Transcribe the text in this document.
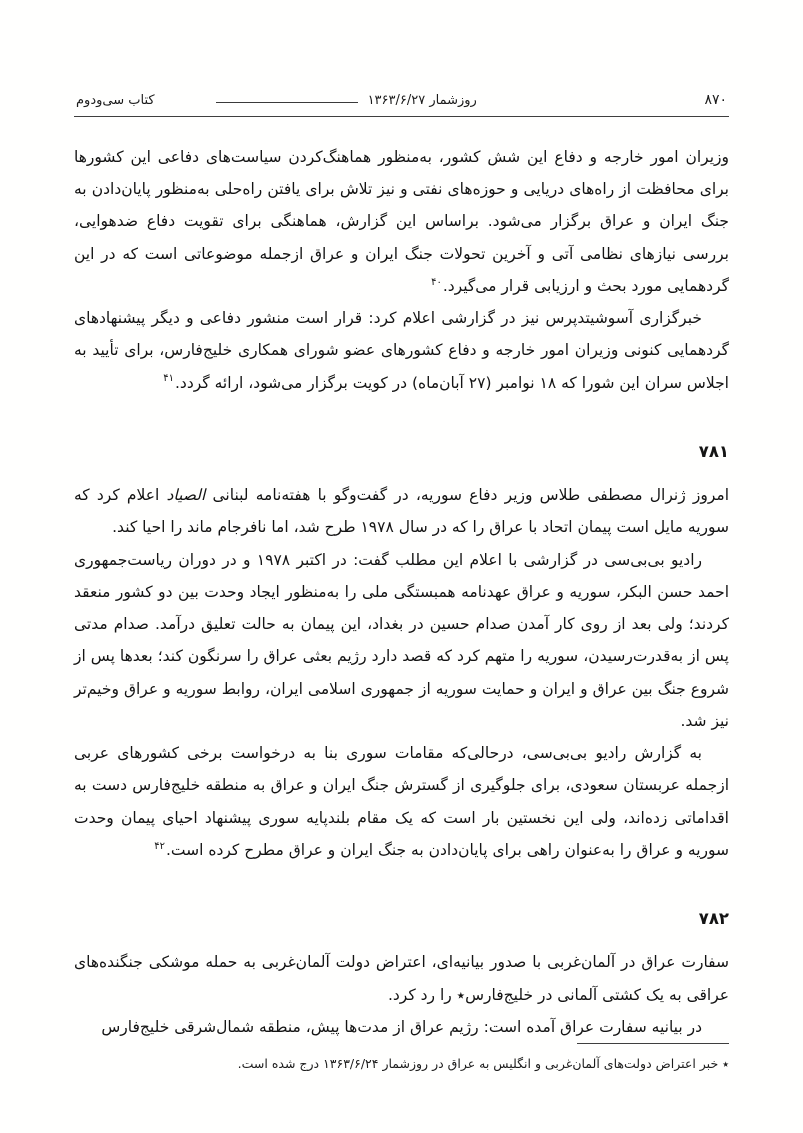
۸۷۰
روزشمار ۱۳۶۳/۶/۲۷
کتاب سی‌ودوم

وزیران امور خارجه و دفاع این شش کشور، به‌منظور هماهنگ‌کردن سیاست‌های دفاعی این کشورها برای محافظت از راه‌های دریایی و حوزه‌های نفتی و نیز تلاش برای یافتن راه‌حلی به‌منظور پایان‌دادن به جنگ ایران و عراق برگزار می‌شود. براساس این گزارش، هماهنگی برای تقویت دفاع ضدهوایی، بررسی نیازهای نظامی آتی و آخرین تحولات جنگ ایران و عراق ازجمله موضوعاتی است که در این گردهمایی مورد بحث و ارزیابی قرار می‌گیرد.$^{۴۰}$

خبرگزاری آسوشیتدپرس نیز در گزارشی اعلام کرد: قرار است منشور دفاعی و دیگر پیشنهادهای گردهمایی کنونی وزیران امور خارجه و دفاع کشورهای عضو شورای همکاری خلیج‌فارس، برای تأیید به اجلاس سران این شورا که ۱۸ نوامبر (۲۷ آبان‌ماه) در کویت برگزار می‌شود، ارائه گردد.$^{۴۱}$

۷۸۱

امروز ژنرال مصطفی طلاس وزیر دفاع سوریه، در گفت‌وگو با هفته‌نامه لبنانی الصیاد اعلام کرد که سوریه مایل است پیمان اتحاد با عراق را که در سال ۱۹۷۸ طرح شد، اما نافرجام ماند را احیا کند.

رادیو بی‌بی‌سی در گزارشی با اعلام این مطلب گفت: در اکتبر ۱۹۷۸ و در دوران ریاست‌جمهوری احمد حسن البکر، سوریه و عراق عهدنامه همبستگی ملی را به‌منظور ایجاد وحدت بین دو کشور منعقد کردند؛ ولی بعد از روی کار آمدن صدام حسین در بغداد، این پیمان به حالت تعلیق درآمد. صدام مدتی پس از به‌قدرت‌رسیدن، سوریه را متهم کرد که قصد دارد رژیم بعثی عراق را سرنگون کند؛ بعدها پس از شروع جنگ بین عراق و ایران و حمایت سوریه از جمهوری اسلامی ایران، روابط سوریه و عراق وخیم‌تر نیز شد.

به گزارش رادیو بی‌بی‌سی، درحالی‌که مقامات سوری بنا به درخواست برخی کشورهای عربی ازجمله عربستان سعودی، برای جلوگیری از گسترش جنگ ایران و عراق به منطقه خلیج‌فارس دست به اقداماتی زده‌اند، ولی این نخستین بار است که یک مقام بلندپایه سوری پیشنهاد احیای پیمان وحدت سوریه و عراق را به‌عنوان راهی برای پایان‌دادن به جنگ ایران و عراق مطرح کرده است.$^{۴۲}$

۷۸۲

سفارت عراق در آلمان‌غربی با صدور بیانیه‌ای، اعتراض دولت آلمان‌غربی به حمله موشکی جنگنده‌های عراقی به یک کشتی آلمانی در خلیج‌فارس٭ را رد کرد.

در بیانیه سفارت عراق آمده است: رژیم عراق از مدت‌ها پیش، منطقه شمال‌شرقی خلیج‌فارس

٭خبر اعتراض دولت‌های آلمان‌غربی و انگلیس به عراق در روزشمار ۱۳۶۳/۶/۲۴ درج شده است.
